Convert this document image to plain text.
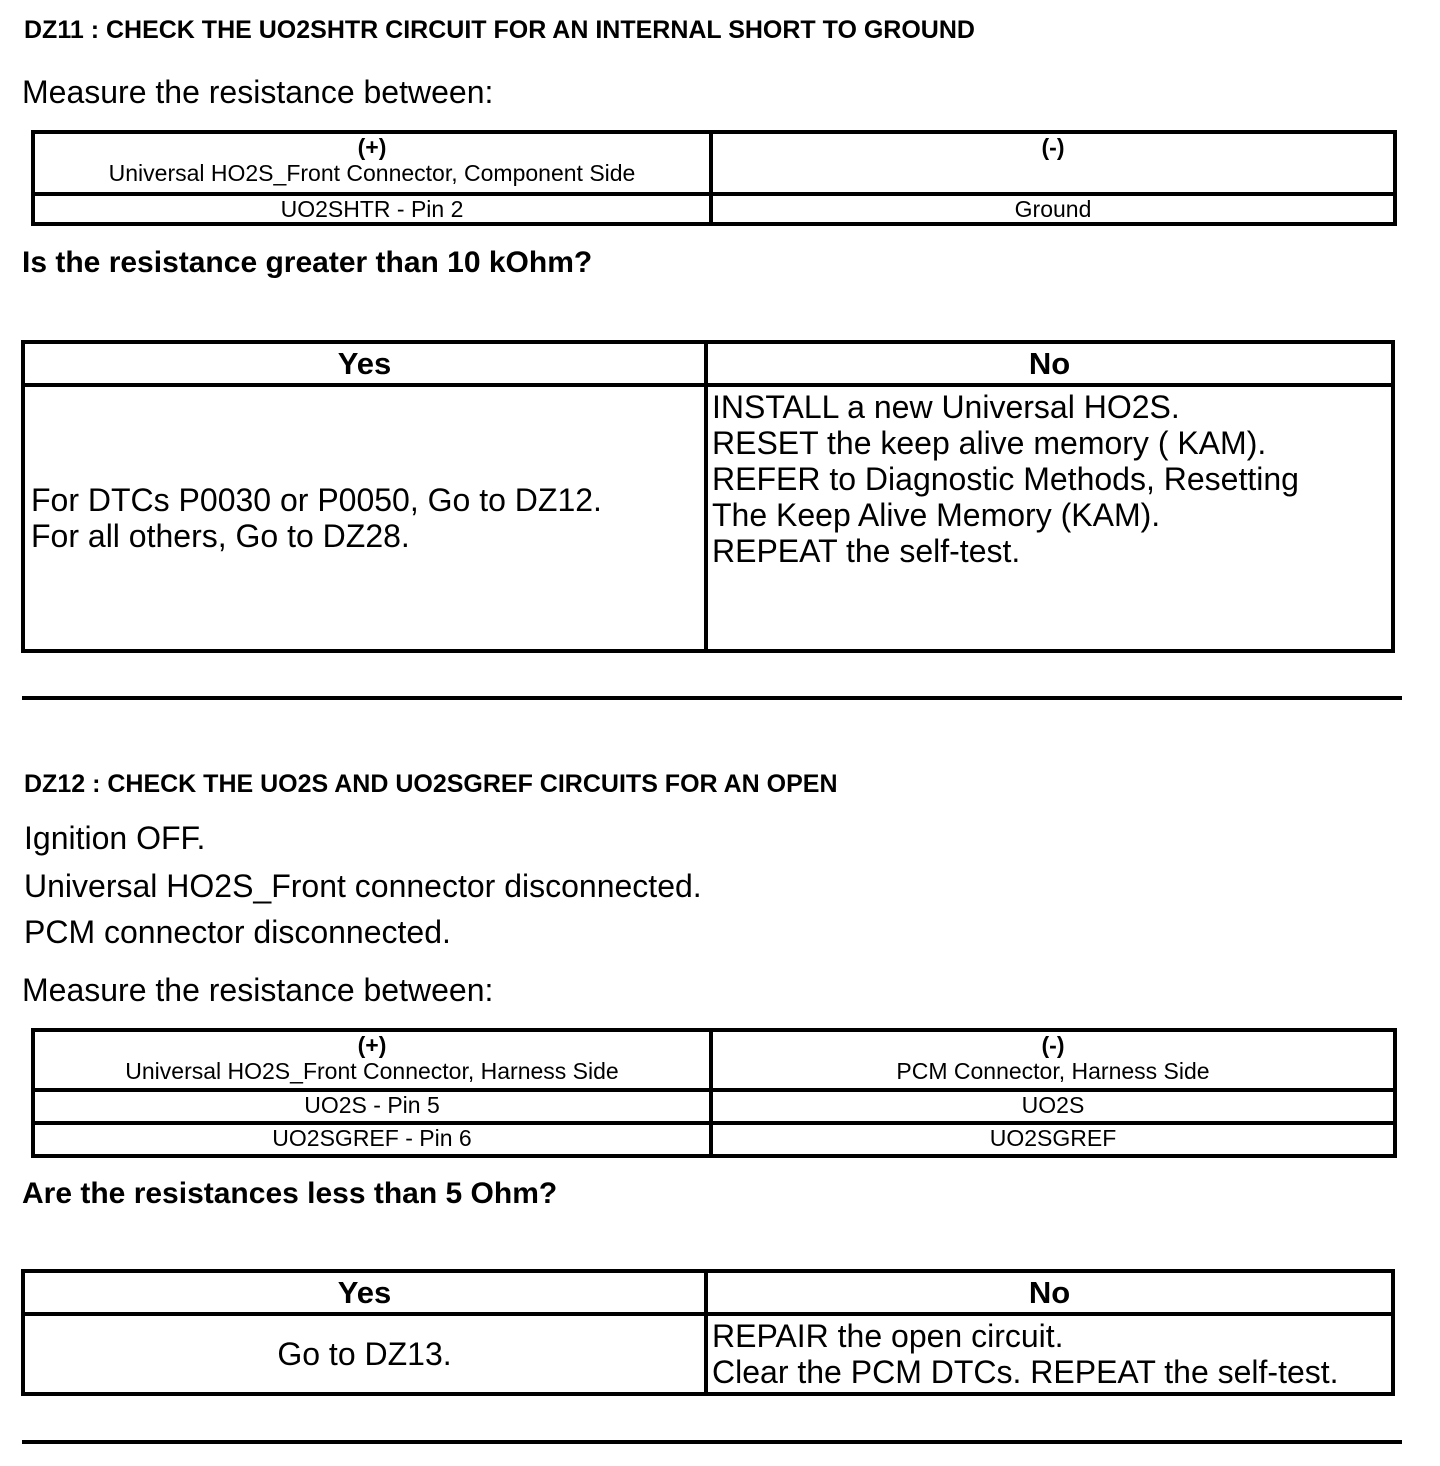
DZ11 : CHECK THE UO2SHTR CIRCUIT FOR AN INTERNAL SHORT TO GROUND
Measure the resistance between:
(+)
Universal HO2S_Front Connector, Component Side	(-)

UO2SHTR - Pin 2	Ground
Is the resistance greater than 10 kOhm?
Yes	No

For DTCs P0030 or P0050, Go to DZ12.
For all others, Go to DZ28.	INSTALL a new Universal HO2S.
RESET the keep alive memory ( KAM).
REFER to Diagnostic Methods, Resetting
The Keep Alive Memory (KAM).
REPEAT the self-test.
DZ12 : CHECK THE UO2S AND UO2SGREF CIRCUITS FOR AN OPEN
Ignition OFF.
Universal HO2S_Front connector disconnected.
PCM connector disconnected.
Measure the resistance between:
(+)
Universal HO2S_Front Connector, Harness Side	(-)
PCM Connector, Harness Side
UO2S - Pin 5	UO2S
UO2SGREF - Pin 6	UO2SGREF
Are the resistances less than 5 Ohm?
Yes	No
Go to DZ13.	REPAIR the open circuit.
Clear the PCM DTCs. REPEAT the self-test.
